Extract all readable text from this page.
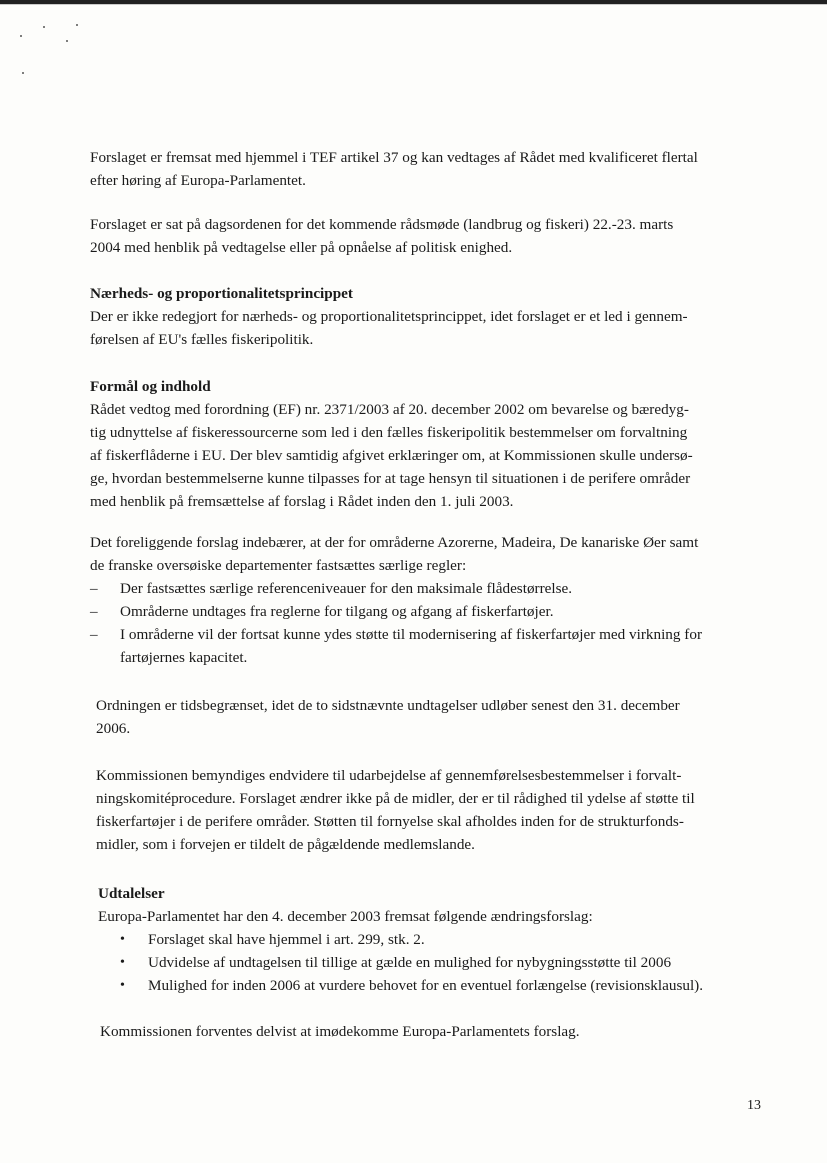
Forslaget er fremsat med hjemmel i TEF artikel 37 og kan vedtages af Rådet med kvalificeret flertal
efter høring af Europa-Parlamentet.
Forslaget er sat på dagsordenen for det kommende rådsmøde (landbrug og fiskeri) 22.-23. marts
2004 med henblik på vedtagelse eller på opnåelse af politisk enighed.
Nærheds- og proportionalitetsprincippet
Der er ikke redegjort for nærheds- og proportionalitetsprincippet, idet forslaget er et led i gennem-
førelsen af EU's fælles fiskeripolitik.
Formål og indhold
Rådet vedtog med forordning (EF) nr. 2371/2003 af 20. december 2002 om bevarelse og bæredyg-
tig udnyttelse af fiskeressourcerne som led i den fælles fiskeripolitik bestemmelser om forvaltning
af fiskerflåderne i EU. Der blev samtidig afgivet erklæringer om, at Kommissionen skulle undersø-
ge, hvordan bestemmelserne kunne tilpasses for at tage hensyn til situationen i de perifere områder
med henblik på fremsættelse af forslag i Rådet inden den 1. juli 2003.
Det foreliggende forslag indebærer, at der for områderne Azorerne, Madeira, De kanariske Øer samt
de franske oversøiske departementer fastsættes særlige regler:
–	Der fastsættes særlige referenceniveauer for den maksimale flådestørrelse.
–	Områderne undtages fra reglerne for tilgang og afgang af fiskerfartøjer.
–	I områderne vil der fortsat kunne ydes støtte til modernisering af fiskerfartøjer med virkning for
fartøjernes kapacitet.
Ordningen er tidsbegrænset, idet de to sidstnævnte undtagelser udløber senest den 31. december
2006.
Kommissionen bemyndiges endvidere til udarbejdelse af gennemførelsesbestemmelser i forvalt-
ningskomitéprocedure. Forslaget ændrer ikke på de midler, der er til rådighed til ydelse af støtte til
fiskerfartøjer i de perifere områder. Støtten til fornyelse skal afholdes inden for de strukturfonds-
midler, som i forvejen er tildelt de pågældende medlemslande.
Udtalelser
Europa-Parlamentet har den 4. december 2003 fremsat følgende ændringsforslag:
•	Forslaget skal have hjemmel i art. 299, stk. 2.
•	Udvidelse af undtagelsen til tillige at gælde en mulighed for nybygningsstøtte til 2006
•	Mulighed for inden 2006 at vurdere behovet for en eventuel forlængelse (revisionsklausul).
Kommissionen forventes delvist at imødekomme Europa-Parlamentets forslag.
13
